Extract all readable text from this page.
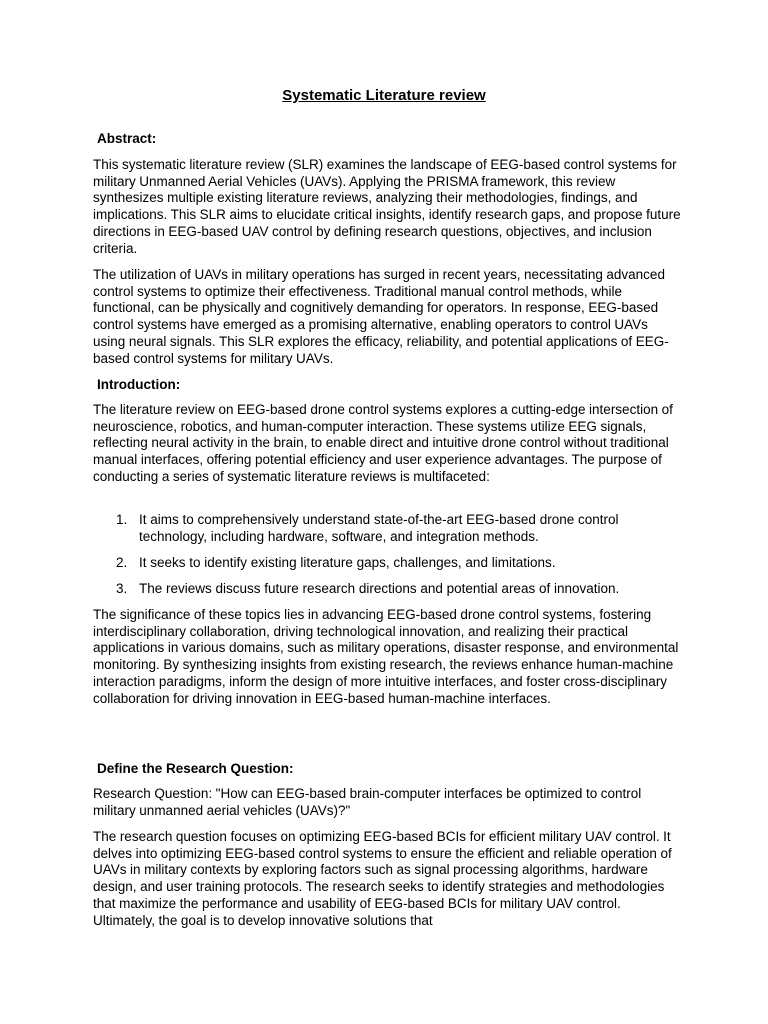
Systematic Literature review
Abstract:

This systematic literature review (SLR) examines the landscape of EEG-based control systems for military Unmanned Aerial Vehicles (UAVs). Applying the PRISMA framework, this review synthesizes multiple existing literature reviews, analyzing their methodologies, findings, and implications. This SLR aims to elucidate critical insights, identify research gaps, and propose future directions in EEG-based UAV control by defining research questions, objectives, and inclusion criteria.

The utilization of UAVs in military operations has surged in recent years, necessitating advanced control systems to optimize their effectiveness. Traditional manual control methods, while functional, can be physically and cognitively demanding for operators. In response, EEG-based control systems have emerged as a promising alternative, enabling operators to control UAVs using neural signals. This SLR explores the efficacy, reliability, and potential applications of EEG-based control systems for military UAVs.

Introduction:

The literature review on EEG-based drone control systems explores a cutting-edge intersection of neuroscience, robotics, and human-computer interaction. These systems utilize EEG signals, reflecting neural activity in the brain, to enable direct and intuitive drone control without traditional manual interfaces, offering potential efficiency and user experience advantages. The purpose of conducting a series of systematic literature reviews is multifaceted:

1. It aims to comprehensively understand state-of-the-art EEG-based drone control technology, including hardware, software, and integration methods.
2. It seeks to identify existing literature gaps, challenges, and limitations.
3. The reviews discuss future research directions and potential areas of innovation.

The significance of these topics lies in advancing EEG-based drone control systems, fostering interdisciplinary collaboration, driving technological innovation, and realizing their practical applications in various domains, such as military operations, disaster response, and environmental monitoring. By synthesizing insights from existing research, the reviews enhance human-machine interaction paradigms, inform the design of more intuitive interfaces, and foster cross-disciplinary collaboration for driving innovation in EEG-based human-machine interfaces.

Define the Research Question:

Research Question: "How can EEG-based brain-computer interfaces be optimized to control military unmanned aerial vehicles (UAVs)?"

The research question focuses on optimizing EEG-based BCIs for efficient military UAV control. It delves into optimizing EEG-based control systems to ensure the efficient and reliable operation of UAVs in military contexts by exploring factors such as signal processing algorithms, hardware design, and user training protocols. The research seeks to identify strategies and methodologies that maximize the performance and usability of EEG-based BCIs for military UAV control. Ultimately, the goal is to develop innovative solutions that
